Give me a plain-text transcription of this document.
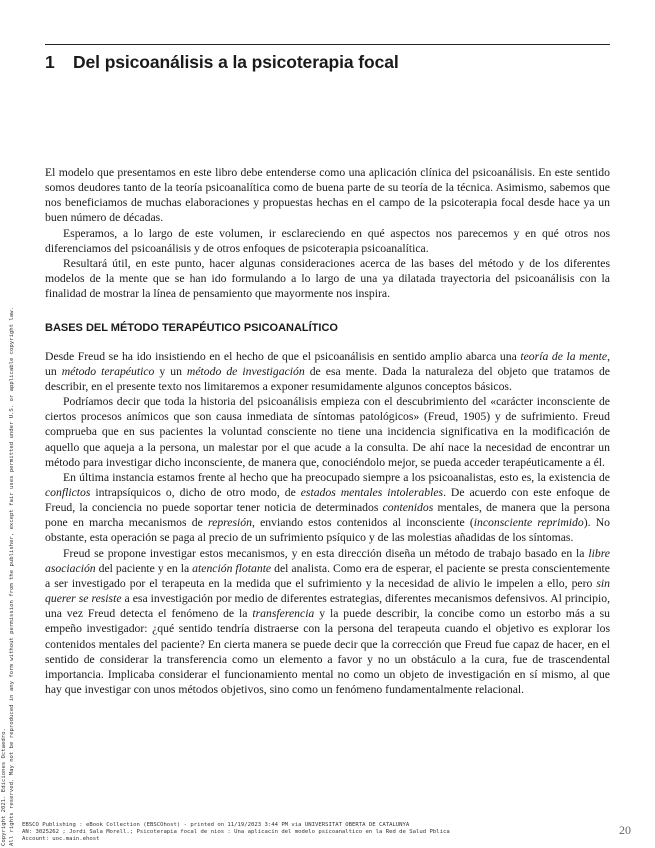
1 Del psicoanálisis a la psicoterapia focal

El modelo que presentamos en este libro debe entenderse como una aplicación clínica del psicoanálisis. En este sentido somos deudores tanto de la teoría psicoanalítica como de buena parte de su teoría de la técnica. Asimismo, sabemos que nos beneficiamos de muchas elaboraciones y propuestas hechas en el campo de la psicoterapia focal desde hace ya un buen número de décadas.

Esperamos, a lo largo de este volumen, ir esclareciendo en qué aspectos nos parecemos y en qué otros nos diferenciamos del psicoanálisis y de otros enfoques de psicoterapia psicoanalítica.

Resultará útil, en este punto, hacer algunas consideraciones acerca de las bases del método y de los diferentes modelos de la mente que se han ido formulando a lo largo de una ya dilatada trayectoria del psicoanálisis con la finalidad de mostrar la línea de pensamiento que mayormente nos inspira.

BASES DEL MÉTODO TERAPÉUTICO PSICOANALÍTICO

Desde Freud se ha ido insistiendo en el hecho de que el psicoanálisis en sentido amplio abarca una teoría de la mente, un método terapéutico y un método de investigación de esa mente. Dada la naturaleza del objeto que tratamos de describir, en el presente texto nos limitaremos a exponer resumidamente algunos conceptos básicos.

Podríamos decir que toda la historia del psicoanálisis empieza con el descubrimiento del «carácter inconsciente de ciertos procesos anímicos que son causa inmediata de síntomas patológicos» (Freud, 1905) y de sufrimiento. Freud comprueba que en sus pacientes la voluntad consciente no tiene una incidencia significativa en la modificación de aquello que aqueja a la persona, un malestar por el que acude a la consulta. De ahí nace la necesidad de encontrar un método para investigar dicho inconsciente, de manera que, conociéndolo mejor, se pueda acceder terapéuticamente a él.

En última instancia estamos frente al hecho que ha preocupado siempre a los psicoanalistas, esto es, la existencia de conflictos intrapsíquicos o, dicho de otro modo, de estados mentales intolerables. De acuerdo con este enfoque de Freud, la conciencia no puede soportar tener noticia de determinados contenidos mentales, de manera que la persona pone en marcha mecanismos de represión, enviando estos contenidos al inconsciente (inconsciente reprimido). No obstante, esta operación se paga al precio de un sufrimiento psíquico y de las molestias añadidas de los síntomas.

Freud se propone investigar estos mecanismos, y en esta dirección diseña un método de trabajo basado en la libre asociación del paciente y en la atención flotante del analista. Como era de esperar, el paciente se presta conscientemente a ser investigado por el terapeuta en la medida que el sufrimiento y la necesidad de alivio le impelen a ello, pero sin querer se resiste a esa investigación por medio de diferentes estrategias, diferentes mecanismos defensivos. Al principio, una vez Freud detecta el fenómeno de la transferencia y la puede describir, la concibe como un estorbo más a su empeño investigador: ¿qué sentido tendría distraerse con la persona del terapeuta cuando el objetivo es explorar los contenidos mentales del paciente? En cierta manera se puede decir que la corrección que Freud fue capaz de hacer, en el sentido de considerar la transferencia como un elemento a favor y no un obstáculo a la cura, fue de trascendental importancia. Implicaba considerar el funcionamiento mental no como un objeto de investigación en sí mismo, al que hay que investigar con unos métodos objetivos, sino como un fenómeno fundamentalmente relacional.

Copyright 2021. Ediciones Octaedro. All rights reserved. May not be reproduced in any form without permission from the publisher, except fair uses permitted under U.S. or applicable copyright law. EBSCO Publishing : eBook Collection (EBSCOhost) - printed on 11/19/2023 3:44 PM via UNIVERSITAT OBERTA DE CATALUNYA
AN: 3025262 ; Jordi Sala Morell.; Psicoterapia focal de nios : Una aplicacin del modelo psicoanaltico en la Red de Salud Pblica
Account: uoc.main.ehost
20
